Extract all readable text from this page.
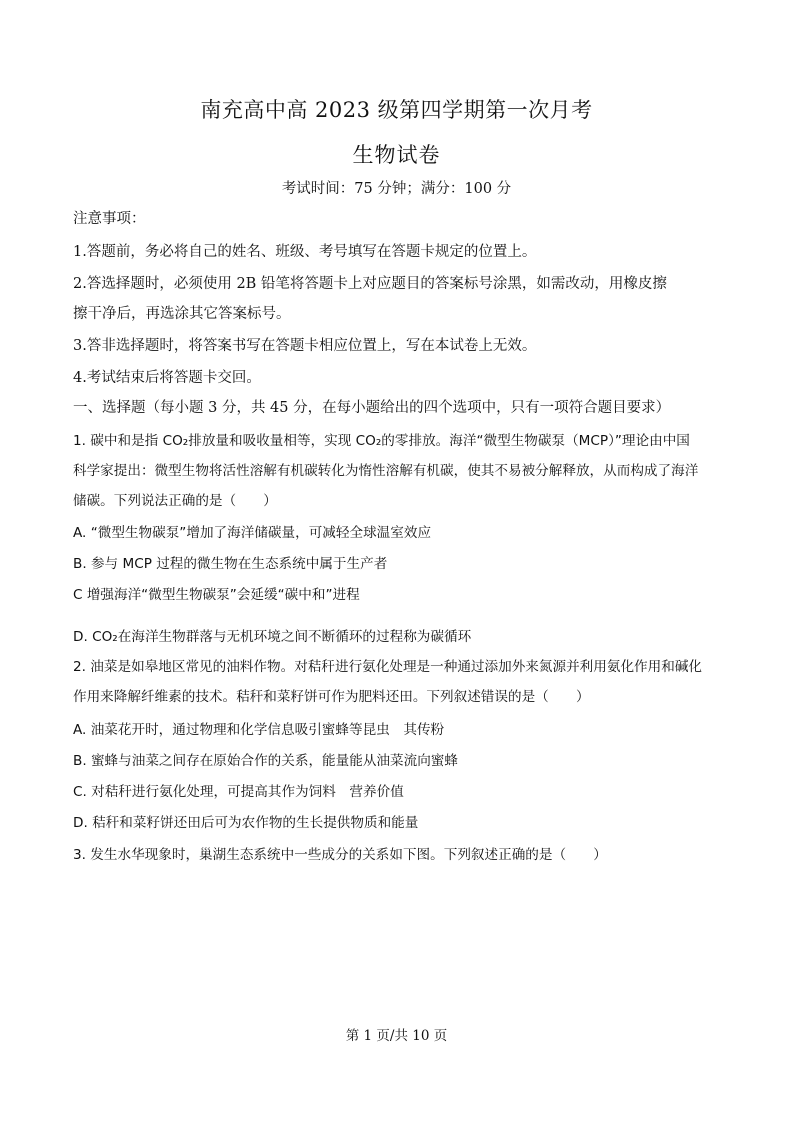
南充高中高 2023 级第四学期第一次月考
生物试卷
考试时间：75 分钟；满分：100 分
注意事项：
1.答题前，务必将自己的姓名、班级、考号填写在答题卡规定的位置上。
2.答选择题时，必须使用 2B 铅笔将答题卡上对应题目的答案标号涂黑，如需改动，用橡皮擦
擦干净后，再选涂其它答案标号。
3.答非选择题时，将答案书写在答题卡相应位置上，写在本试卷上无效。
4.考试结束后将答题卡交回。
一、选择题（每小题 3 分，共 45 分，在每小题给出的四个选项中，只有一项符合题目要求）
1. 碳中和是指 CO₂排放量和吸收量相等，实现 CO₂的零排放。海洋“微型生物碳泵（MCP）”理论由中国
科学家提出：微型生物将活性溶解有机碳转化为惰性溶解有机碳，使其不易被分解释放，从而构成了海洋
储碳。下列说法正确的是（　　）
A. “微型生物碳泵”增加了海洋储碳量，可减轻全球温室效应
B. 参与 MCP 过程的微生物在生态系统中属于生产者
C 增强海洋“微型生物碳泵”会延缓“碳中和”进程
D. CO₂在海洋生物群落与无机环境之间不断循环的过程称为碳循环
2. 油菜是如皋地区常见的油料作物。对秸秆进行氨化处理是一种通过添加外来氮源并利用氨化作用和碱化
作用来降解纤维素的技术。秸秆和菜籽饼可作为肥料还田。下列叙述错误的是（　　）
A. 油菜花开时，通过物理和化学信息吸引蜜蜂等昆虫　其传粉
B. 蜜蜂与油菜之间存在原始合作的关系，能量能从油菜流向蜜蜂
C. 对秸秆进行氨化处理，可提高其作为饲料　营养价值
D. 秸秆和菜籽饼还田后可为农作物的生长提供物质和能量
3. 发生水华现象时，巢湖生态系统中一些成分的关系如下图。下列叙述正确的是（　　）
第 1 页/共 10 页
